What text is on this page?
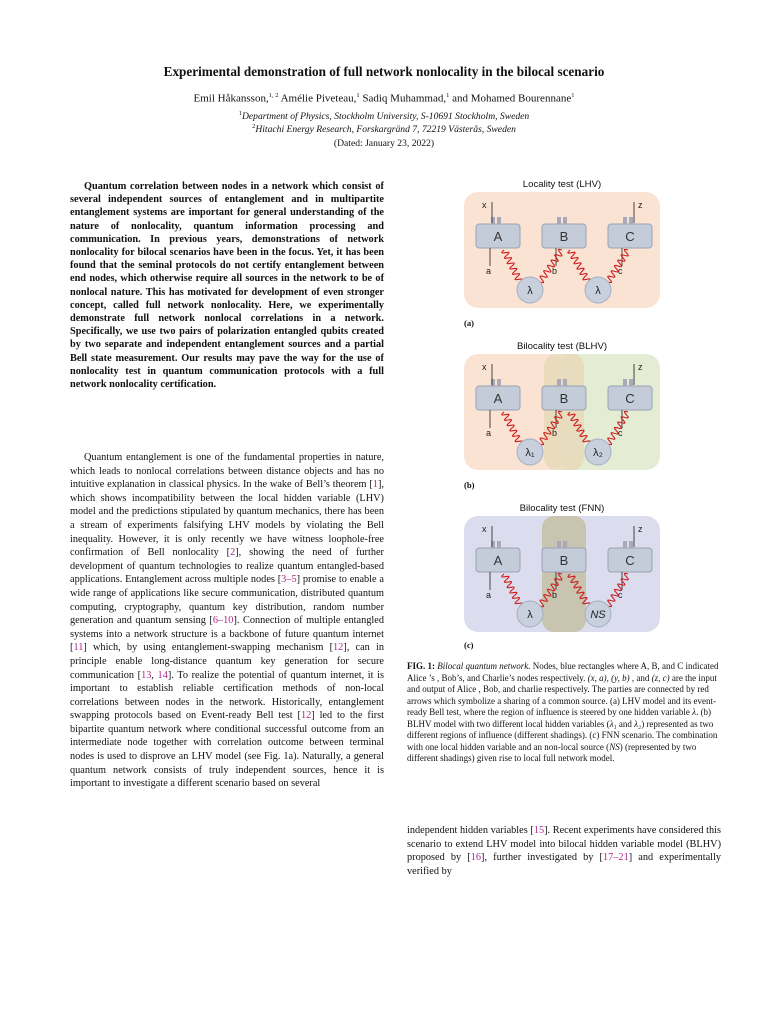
Experimental demonstration of full network nonlocality in the bilocal scenario
Emil Håkansson,$^{1, 2}$ Amélie Piveteau,$^1$ Sadiq Muhammad,$^1$ and Mohamed Bourennane$^1$
$^1$Department of Physics, Stockholm University, S-10691 Stockholm, Sweden
$^2$Hitachi Energy Research, Forskargränd 7, 72219 Västerås, Sweden
(Dated: January 23, 2022)
Quantum correlation between nodes in a network which consist of several independent sources of entanglement and in multipartite entanglement systems are important for general understanding of the nature of nonlocality, quantum information processing and communication. In previous years, demonstrations of network nonlocality for bilocal scenarios have been in the focus. Yet, it has been found that the seminal protocols do not certify entanglement between end nodes, which otherwise require all sources in the network to be of nonlocal nature. This has motivated for development of even stronger concept, called full network nonlocality. Here, we experimentally demonstrate full network nonlocal correlations in a network. Specifically, we use two pairs of polarization entangled qubits created by two separate and independent entanglement sources and a partial Bell state measurement. Our results may pave the way for the use of nonlocality test in quantum communication protocols with a full network nonlocality certification.
Quantum entanglement is one of the fundamental properties in nature, which leads to nonlocal correlations between distance objects and has no intuitive explanation in classical physics. In the wake of Bell’s theorem [1], which shows incompatibility between the local hidden variable (LHV) model and the predictions stipulated by quantum mechanics, there has been a stream of experiments falsifying LHV models by violating the Bell inequality. However, it is only recently we have witness loophole-free confirmation of Bell nonlocality [2], showing the need of further development of quantum technologies to realize quantum entangled-based applications. Entanglement across multiple nodes [3–5] promise to enable a wide range of applications like secure communication, distributed quantum computing, cryptography, quantum key distribution, random number generation and quantum sensing [6–10]. Connection of multiple entangled systems into a network structure is a backbone of future quantum internet [11] which, by using entanglement-swapping mechanism [12], can in principle enable long-distance quantum key generation for secure communication [13, 14]. To realize the potential of quantum internet, it is important to establish reliable certification methods of non-local correlations between nodes in the network. Historically, entanglement swapping protocols based on Event-ready Bell test [12] led to the first bipartite quantum network where conditional successful outcome from an intermediate node together with correlation outcome between terminal nodes is used to disprove an LHV model (see Fig. 1a). Naturally, a general quantum network consists of truly independent sources, hence it is important to investigate a different scenario based on several
Locality test (LHV)
Bilocality test (BLHV)
Bilocality test (FNN)
A	B	C
x	z
a	b	c
λ	λ
A	B	C
x	z
a	b	c
λ₁	λ₂
A	B	C
x	z
a	b	c
λ	NS
(a)
(b)
(c)
FIG. 1: Bilocal quantum network. Nodes, blue rectangles where A, B, and C indicated Alice ’s , Bob’s, and Charlie’s nodes respectively. (x, a), (y, b) , and (z, c) are the input and output of Alice , Bob, and charlie respectively. The parties are connected by red arrows which symbolize a sharing of a common source. (a) LHV model and its event-ready Bell test, where the region of influence is steered by one hidden variable λ. (b) BLHV model with two different local hidden variables (λ₁ and λ₂) represented as two different regions of influence (different shadings). (c) FNN scenario. The combination with one local hidden variable and an non-local source (NS) (represented by two different shadings) given rise to local full network model.
independent hidden variables [15]. Recent experiments have considered this scenario to extend LHV model into bilocal hidden variable model (BLHV) proposed by [16], further investigated by [17–21] and experimentally verified by
